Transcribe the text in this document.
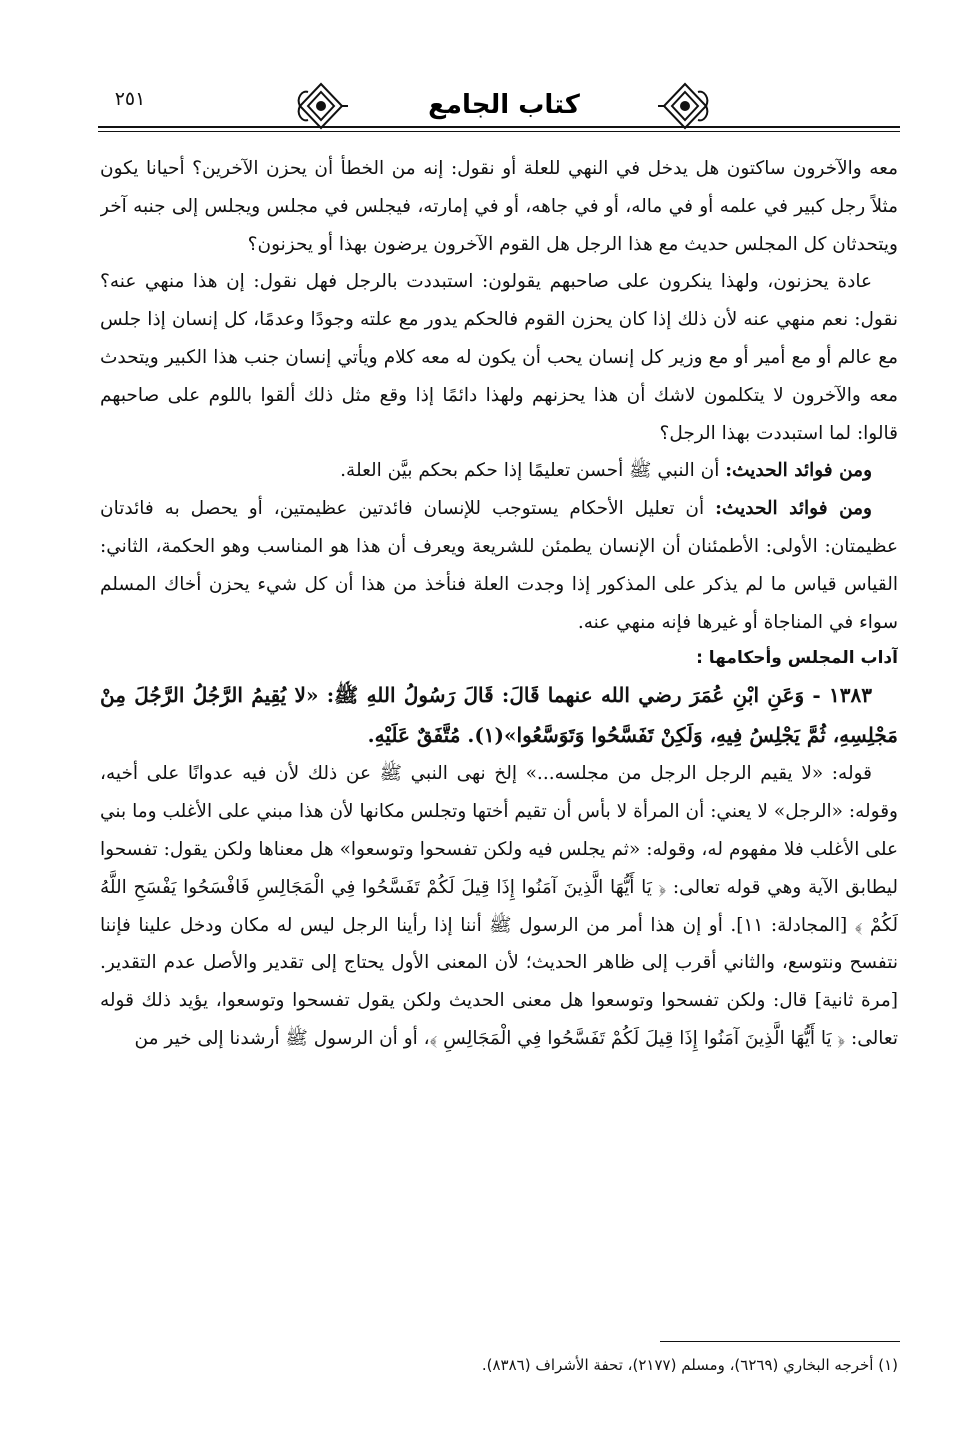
٢٥١	كتاب الجامع

معه والآخرون ساكتون هل يدخل في النهي للعلة أو نقول: إنه من الخطأ أن يحزن الآخرين؟ أحيانا يكون مثلاً رجل كبير في علمه أو في ماله، أو في جاهه، أو في إمارته، فيجلس في مجلس ويجلس إلى جنبه آخر ويتحدثان كل المجلس حديث مع هذا الرجل هل القوم الآخرون يرضون بهذا أو يحزنون؟

عادة يحزنون، ولهذا ينكرون على صاحبهم يقولون: استبددت بالرجل فهل نقول: إن هذا منهي عنه؟ نقول: نعم منهي عنه لأن ذلك إذا كان يحزن القوم فالحكم يدور مع علته وجودًا وعدمًا، كل إنسان إذا جلس مع عالم أو مع أمير أو مع وزير كل إنسان يحب أن يكون له معه كلام ويأتي إنسان جنب هذا الكبير ويتحدث معه والآخرون لا يتكلمون لاشك أن هذا يحزنهم ولهذا دائمًا إذا وقع مثل ذلك ألقوا باللوم على صاحبهم قالوا: لما استبددت بهذا الرجل؟

ومن فوائد الحديث: أن النبي ﷺ أحسن تعليمًا إذا حكم بحكم بيَّن العلة.

ومن فوائد الحديث: أن تعليل الأحكام يستوجب للإنسان فائدتين عظيمتين، أو يحصل به فائدتان عظيمتان: الأولى: الأطمئنان أن الإنسان يطمئن للشريعة ويعرف أن هذا هو المناسب وهو الحكمة، الثاني: القياس قياس ما لم يذكر على المذكور إذا وجدت العلة فنأخذ من هذا أن كل شيء يحزن أخاك المسلم سواء في المناجاة أو غيرها فإنه منهي عنه.

آداب المجلس وأحكامها :

١٣٨٣ - وَعَنِ ابْنِ عُمَرَ رضي الله عنهما قَالَ: قَالَ رَسُولُ اللهِ ﷺ: «لا يُقِيمُ الرَّجُلُ الرَّجُلَ مِنْ مَجْلِسِهِ، ثُمَّ يَجْلِسُ فِيهِ، وَلَكِنْ تَفَسَّحُوا وَتَوَسَّعُوا»(١). مُتَّفَقٌ عَلَيْهِ.

قوله: «لا يقيم الرجل الرجل من مجلسه...» إلخ نهى النبي ﷺ عن ذلك لأن فيه عدوانًا على أخيه، وقوله: «الرجل» لا يعني: أن المرأة لا بأس أن تقيم أختها وتجلس مكانها لأن هذا مبني على الأغلب وما بني على الأغلب فلا مفهوم له، وقوله: «ثم يجلس فيه ولكن تفسحوا وتوسعوا» هل معناها ولكن يقول: تفسحوا ليطابق الآية وهي قوله تعالى: ﴿ يَا أَيُّهَا الَّذِينَ آمَنُوا إِذَا قِيلَ لَكُمْ تَفَسَّحُوا فِي الْمَجَالِسِ فَافْسَحُوا يَفْسَحِ اللَّهُ لَكُمْ ﴾ [المجادلة: ١١]. أو إن هذا أمر من الرسول ﷺ أننا إذا رأينا الرجل ليس له مكان ودخل علينا فإننا نتفسح ونتوسع، والثاني أقرب إلى ظاهر الحديث؛ لأن المعنى الأول يحتاج إلى تقدير والأصل عدم التقدير. [مرة ثانية] قال: ولكن تفسحوا وتوسعوا هل معنى الحديث ولكن يقول تفسحوا وتوسعوا، يؤيد ذلك قوله تعالى: ﴿ يَا أَيُّهَا الَّذِينَ آمَنُوا إِذَا قِيلَ لَكُمْ تَفَسَّحُوا فِي الْمَجَالِسِ ﴾، أو أن الرسول ﷺ أرشدنا إلى خير من

(١) أخرجه البخاري (٦٢٦٩)، ومسلم (٢١٧٧)، تحفة الأشراف (٨٣٨٦).
